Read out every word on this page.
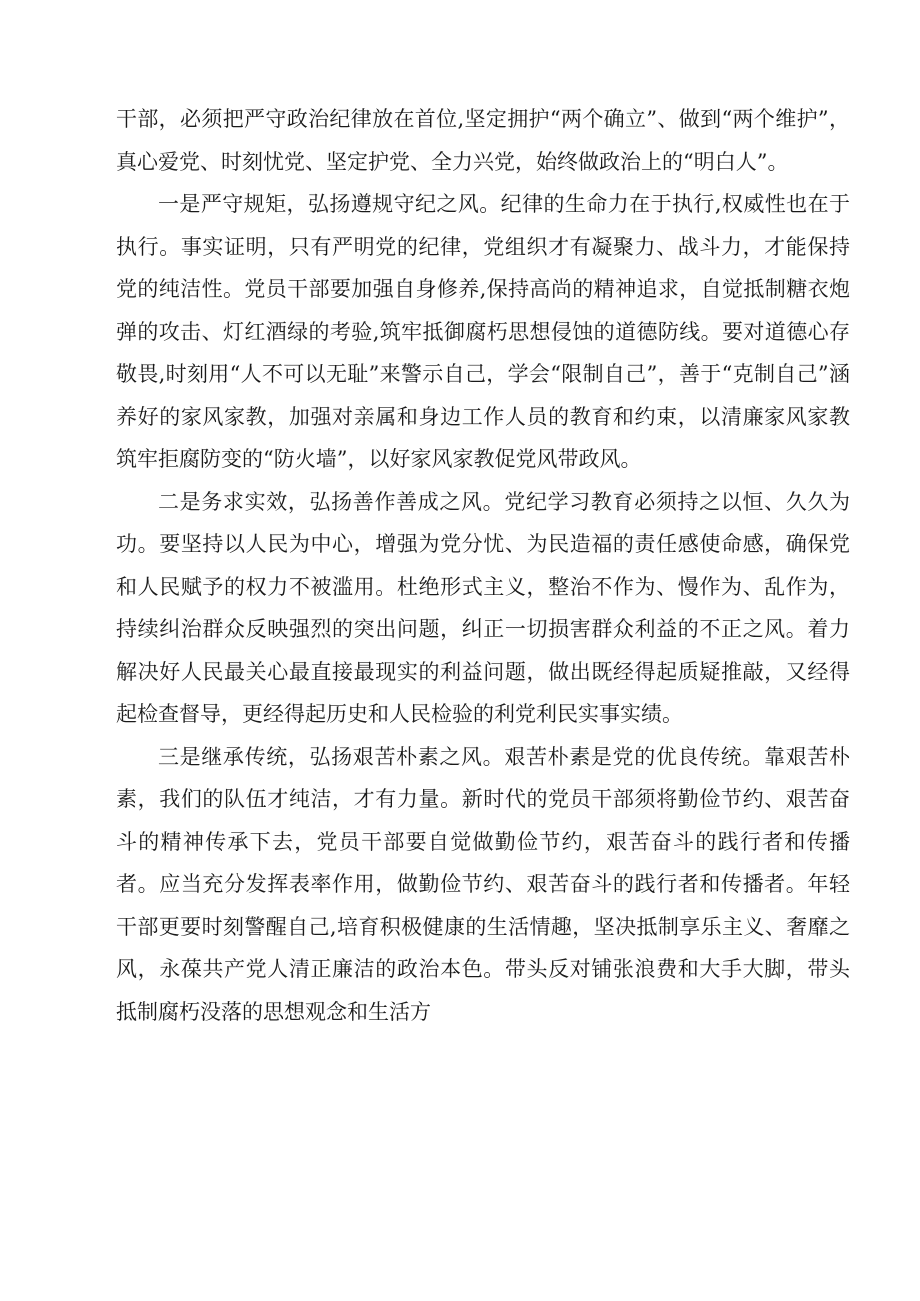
干部，必须把严守政治纪律放在首位,坚定拥护“两个确立”、做到“两个维护”，真心爱党、时刻忧党、坚定护党、全力兴党，始终做政治上的“明白人”。

一是严守规矩，弘扬遵规守纪之风。纪律的生命力在于执行,权威性也在于执行。事实证明，只有严明党的纪律，党组织才有凝聚力、战斗力，才能保持党的纯洁性。党员干部要加强自身修养,保持高尚的精神追求，自觉抵制糖衣炮弹的攻击、灯红酒绿的考验,筑牢抵御腐朽思想侵蚀的道德防线。要对道德心存敬畏,时刻用“人不可以无耻”来警示自己，学会“限制自己”，善于“克制自己”涵养好的家风家教，加强对亲属和身边工作人员的教育和约束，以清廉家风家教筑牢拒腐防变的“防火墙”，以好家风家教促党风带政风。

二是务求实效，弘扬善作善成之风。党纪学习教育必须持之以恒、久久为功。要坚持以人民为中心，增强为党分忧、为民造福的责任感使命感，确保党和人民赋予的权力不被滥用。杜绝形式主义，整治不作为、慢作为、乱作为，持续纠治群众反映强烈的突出问题，纠正一切损害群众利益的不正之风。着力解决好人民最关心最直接最现实的利益问题，做出既经得起质疑推敲，又经得起检查督导，更经得起历史和人民检验的利党利民实事实绩。

三是继承传统，弘扬艰苦朴素之风。艰苦朴素是党的优良传统。靠艰苦朴素，我们的队伍才纯洁，才有力量。新时代的党员干部须将勤俭节约、艰苦奋斗的精神传承下去，党员干部要自觉做勤俭节约，艰苦奋斗的践行者和传播者。应当充分发挥表率作用，做勤俭节约、艰苦奋斗的践行者和传播者。年轻干部更要时刻警醒自己,培育积极健康的生活情趣，坚决抵制享乐主义、奢靡之风，永葆共产党人清正廉洁的政治本色。带头反对铺张浪费和大手大脚，带头抵制腐朽没落的思想观念和生活方
